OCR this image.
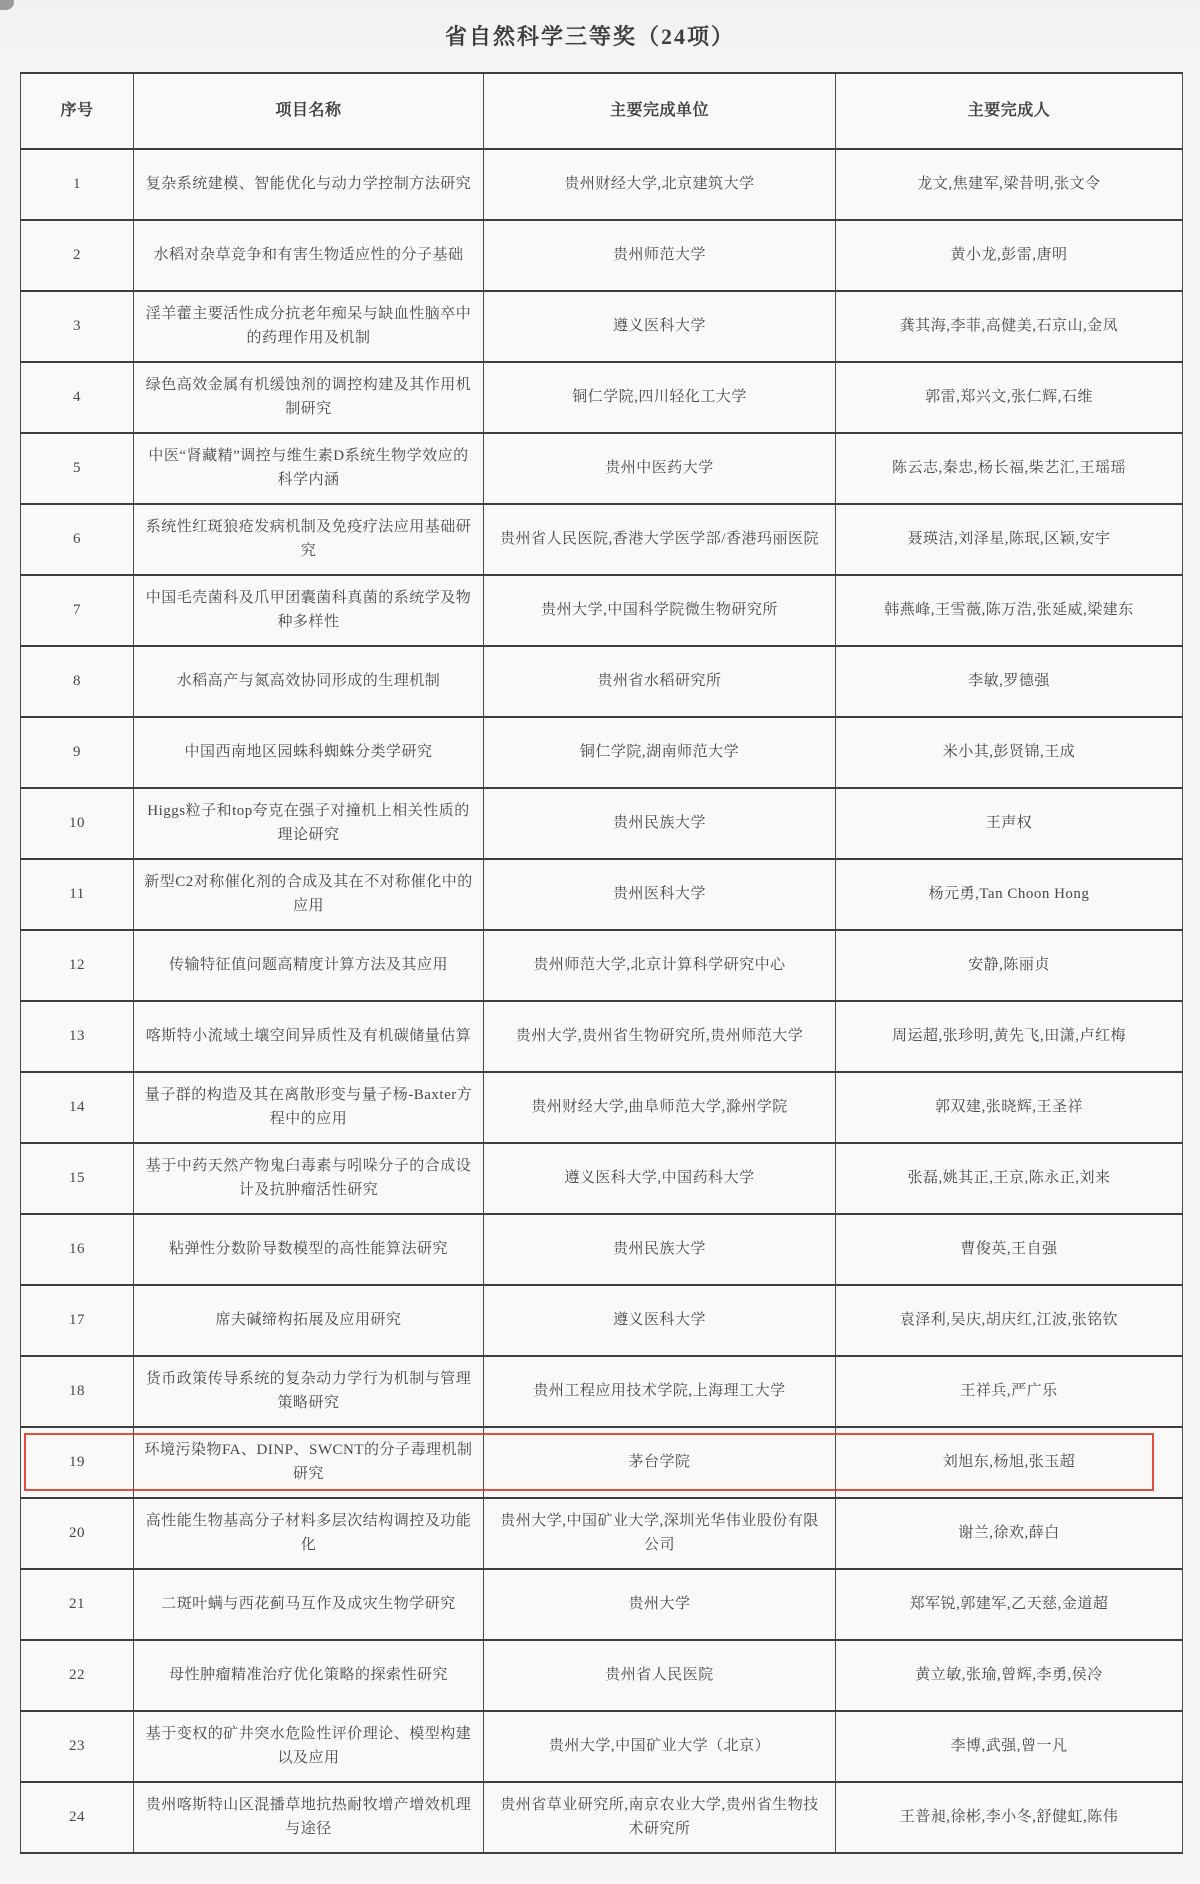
省自然科学三等奖（24项）
序号	项目名称	主要完成单位	主要完成人
1	复杂系统建模、智能优化与动力学控制方法研究	贵州财经大学,北京建筑大学	龙文,焦建军,梁昔明,张文令
2	水稻对杂草竞争和有害生物适应性的分子基础	贵州师范大学	黄小龙,彭雷,唐明
3	淫羊藿主要活性成分抗老年痴呆与缺血性脑卒中的药理作用及机制	遵义医科大学	龚其海,李菲,高健美,石京山,金凤
4	绿色高效金属有机缓蚀剂的调控构建及其作用机制研究	铜仁学院,四川轻化工大学	郭雷,郑兴文,张仁辉,石维
5	中医“肾藏精”调控与维生素D系统生物学效应的科学内涵	贵州中医药大学	陈云志,秦忠,杨长福,柴艺汇,王瑶瑶
6	系统性红斑狼疮发病机制及免疫疗法应用基础研究	贵州省人民医院,香港大学医学部/香港玛丽医院	聂瑛洁,刘泽星,陈珉,区颖,安宇
7	中国毛壳菌科及爪甲团囊菌科真菌的系统学及物种多样性	贵州大学,中国科学院微生物研究所	韩燕峰,王雪薇,陈万浩,张延威,梁建东
8	水稻高产与氮高效协同形成的生理机制	贵州省水稻研究所	李敏,罗德强
9	中国西南地区园蛛科蜘蛛分类学研究	铜仁学院,湖南师范大学	米小其,彭贤锦,王成
10	Higgs粒子和top夸克在强子对撞机上相关性质的理论研究	贵州民族大学	王声权
11	新型C2对称催化剂的合成及其在不对称催化中的应用	贵州医科大学	杨元勇,Tan Choon Hong
12	传输特征值问题高精度计算方法及其应用	贵州师范大学,北京计算科学研究中心	安静,陈丽贞
13	喀斯特小流域土壤空间异质性及有机碳储量估算	贵州大学,贵州省生物研究所,贵州师范大学	周运超,张珍明,黄先飞,田潇,卢红梅
14	量子群的构造及其在离散形变与量子杨-Baxter方程中的应用	贵州财经大学,曲阜师范大学,滁州学院	郭双建,张晓辉,王圣祥
15	基于中药天然产物鬼臼毒素与吲哚分子的合成设计及抗肿瘤活性研究	遵义医科大学,中国药科大学	张磊,姚其正,王京,陈永正,刘来
16	粘弹性分数阶导数模型的高性能算法研究	贵州民族大学	曹俊英,王自强
17	席夫碱缔构拓展及应用研究	遵义医科大学	袁泽利,吴庆,胡庆红,江波,张铭钦
18	货币政策传导系统的复杂动力学行为机制与管理策略研究	贵州工程应用技术学院,上海理工大学	王祥兵,严广乐
19	环境污染物FA、DINP、SWCNT的分子毒理机制研究	茅台学院	刘旭东,杨旭,张玉超
20	高性能生物基高分子材料多层次结构调控及功能化	贵州大学,中国矿业大学,深圳光华伟业股份有限公司	谢兰,徐欢,薛白
21	二斑叶螨与西花蓟马互作及成灾生物学研究	贵州大学	郑军锐,郭建军,乙天慈,金道超
22	母性肿瘤精准治疗优化策略的探索性研究	贵州省人民医院	黄立敏,张瑜,曾辉,李勇,侯冷
23	基于变权的矿井突水危险性评价理论、模型构建以及应用	贵州大学,中国矿业大学（北京）	李博,武强,曾一凡
24	贵州喀斯特山区混播草地抗热耐牧增产增效机理与途径	贵州省草业研究所,南京农业大学,贵州省生物技术研究所	王普昶,徐彬,李小冬,舒健虹,陈伟
